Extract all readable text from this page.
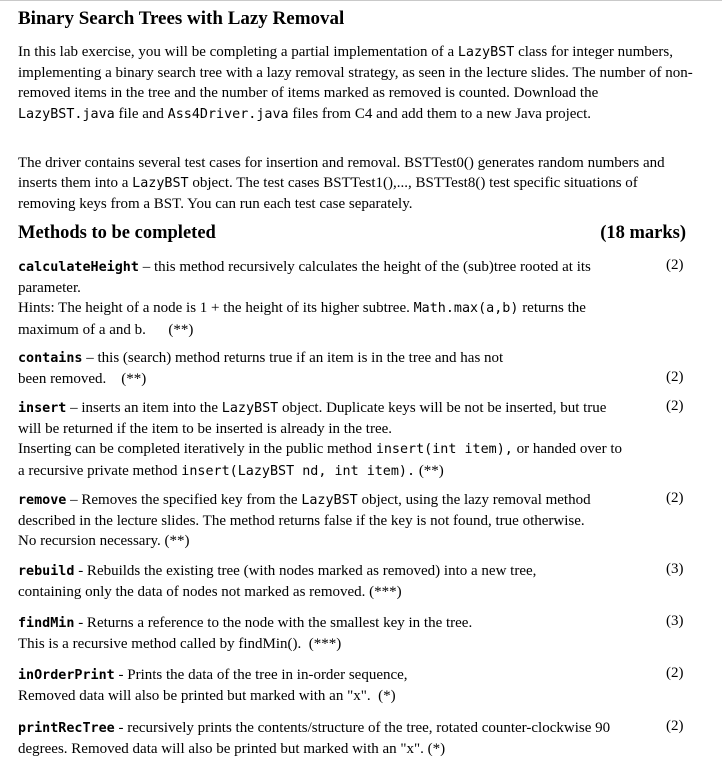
Binary Search Trees with Lazy Removal

In this lab exercise, you will be completing a partial implementation of a LazyBST class for integer numbers, implementing a binary search tree with a lazy removal strategy, as seen in the lecture slides. The number of non-removed items in the tree and the number of items marked as removed is counted. Download the LazyBST.java file and Ass4Driver.java files from C4 and add them to a new Java project.

The driver contains several test cases for insertion and removal. BSTTest0() generates random numbers and inserts them into a LazyBST object. The test cases BSTTest1(),..., BSTTest8() test specific situations of removing keys from a BST. You can run each test case separately.

Methods to be completed	(18 marks)

calculateHeight – this method recursively calculates the height of the (sub)tree rooted at its parameter.
Hints: The height of a node is 1 + the height of its higher subtree. Math.max(a,b) returns the maximum of a and b. (**)

(2)

contains – this (search) method returns true if an item is in the tree and has not been removed. (**)	(2)

insert – inserts an item into the LazyBST object. Duplicate keys will be not be inserted, but true will be returned if the item to be inserted is already in the tree.
Inserting can be completed iteratively in the public method insert(int item), or handed over to a recursive private method insert(LazyBST nd, int item). (**)

(2)

remove – Removes the specified key from the LazyBST object, using the lazy removal method described in the lecture slides. The method returns false if the key is not found, true otherwise.
No recursion necessary. (**)

(2)

rebuild - Rebuilds the existing tree (with nodes marked as removed) into a new tree, containing only the data of nodes not marked as removed. (***)

(3)

findMin - Returns a reference to the node with the smallest key in the tree.
This is a recursive method called by findMin(). (***)

(3)

inOrderPrint - Prints the data of the tree in in-order sequence,
Removed data will also be printed but marked with an "x". (*)

(2)

printRecTree - recursively prints the contents/structure of the tree, rotated counter-clockwise 90 degrees. Removed data will also be printed but marked with an "x". (*)

(2)
